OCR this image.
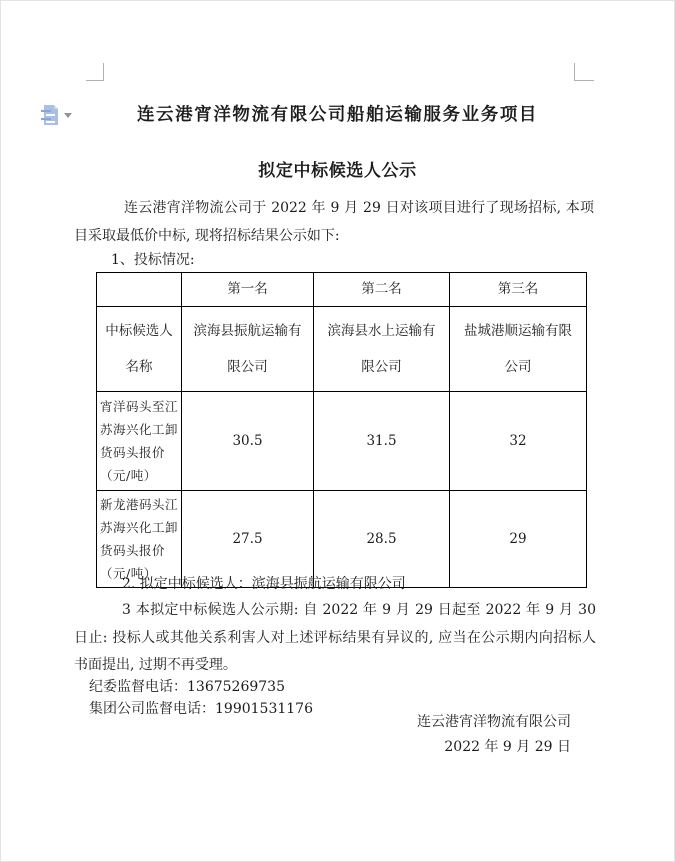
连云港宵洋物流有限公司船舶运输服务业务项目
拟定中标候选人公示

连云港宵洋物流公司于 2022 年 9 月 29 日对该项目进行了现场招标, 本项目采取最低价中标, 现将招标结果公示如下:

1、投标情况:

	第一名	第二名	第三名
中标候选人名称	滨海县振航运输有限公司	滨海县水上运输有限公司	盐城港顺运输有限公司
宵洋码头至江苏海兴化工卸货码头报价（元/吨）	30.5	31.5	32
新龙港码头江苏海兴化工卸货码头报价（元/吨）	27.5	28.5	29

2. 拟定中标候选人：滨海县振航运输有限公司

3 本拟定中标候选人公示期: 自 2022 年 9 月 29 日起至 2022 年 9 月 30 日止: 投标人或其他关系利害人对上述评标结果有异议的, 应当在公示期内向招标人书面提出, 过期不再受理。

纪委监督电话：13675269735

集团公司监督电话：19901531176

连云港宵洋物流有限公司
2022 年 9 月 29 日
